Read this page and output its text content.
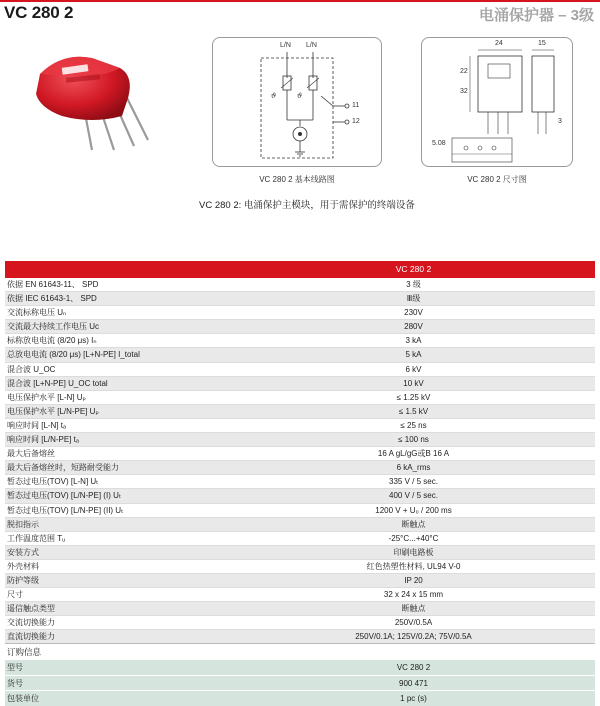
VC 280 2	电涌保护器 – 3级
ϑ	ϑ
L/N L/N
11
12
VC 280 2 基本线路图
24	15
22
32
3
5.08
VC 280 2 尺寸图
VC 280 2: 电涌保护主模块，用于需保护的终端设备
VC 280 2
依据 EN 61643-11、 SPD	3 级
依据 IEC 61643-1、 SPD	Ⅲ级
交流标称电压 Uₙ	230V
交流最大持续工作电压 Uᴄ	280V
标称放电电流 (8/20 μs) Iₙ	3 kA
总放电电流 (8/20 μs) [L+N-PE] I_total	5 kA
混合波 U_OC	6 kV
混合波 [L+N-PE] U_OC total	10 kV
电压保护水平 [L-N] Uₚ	≤ 1.25 kV
电压保护水平 [L/N-PE] Uₚ	≤ 1.5 kV
响应时间 [L-N] tₐ	≤ 25 ns
响应时间 [L/N-PE] tₐ	≤ 100 ns
最大后备熔丝	16 A gL/gG或B 16 A
最大后备熔丝时，短路耐受能力	6 kA_rms
暂态过电压(TOV) [L-N] Uₜ	335 V / 5 sec.
暂态过电压(TOV) [L/N-PE] (I) Uₜ	400 V / 5 sec.
暂态过电压(TOV) [L/N-PE] (II) Uₜ	1200 V + U₀ / 200 ms
脱扣指示	断触点
工作温度范围 Tᵤ	-25°C...+40°C
安装方式	印刷电路板
外壳材料	红色热塑性材料, UL94 V-0
防护等级	IP 20
尺寸	32 x 24 x 15 mm
遥信触点类型	断触点
交流切换能力	250V/0.5A
直流切换能力	250V/0.1A; 125V/0.2A; 75V/0.5A
订购信息
型号	VC 280 2
货号	900 471
包装单位	1 pc (s)
